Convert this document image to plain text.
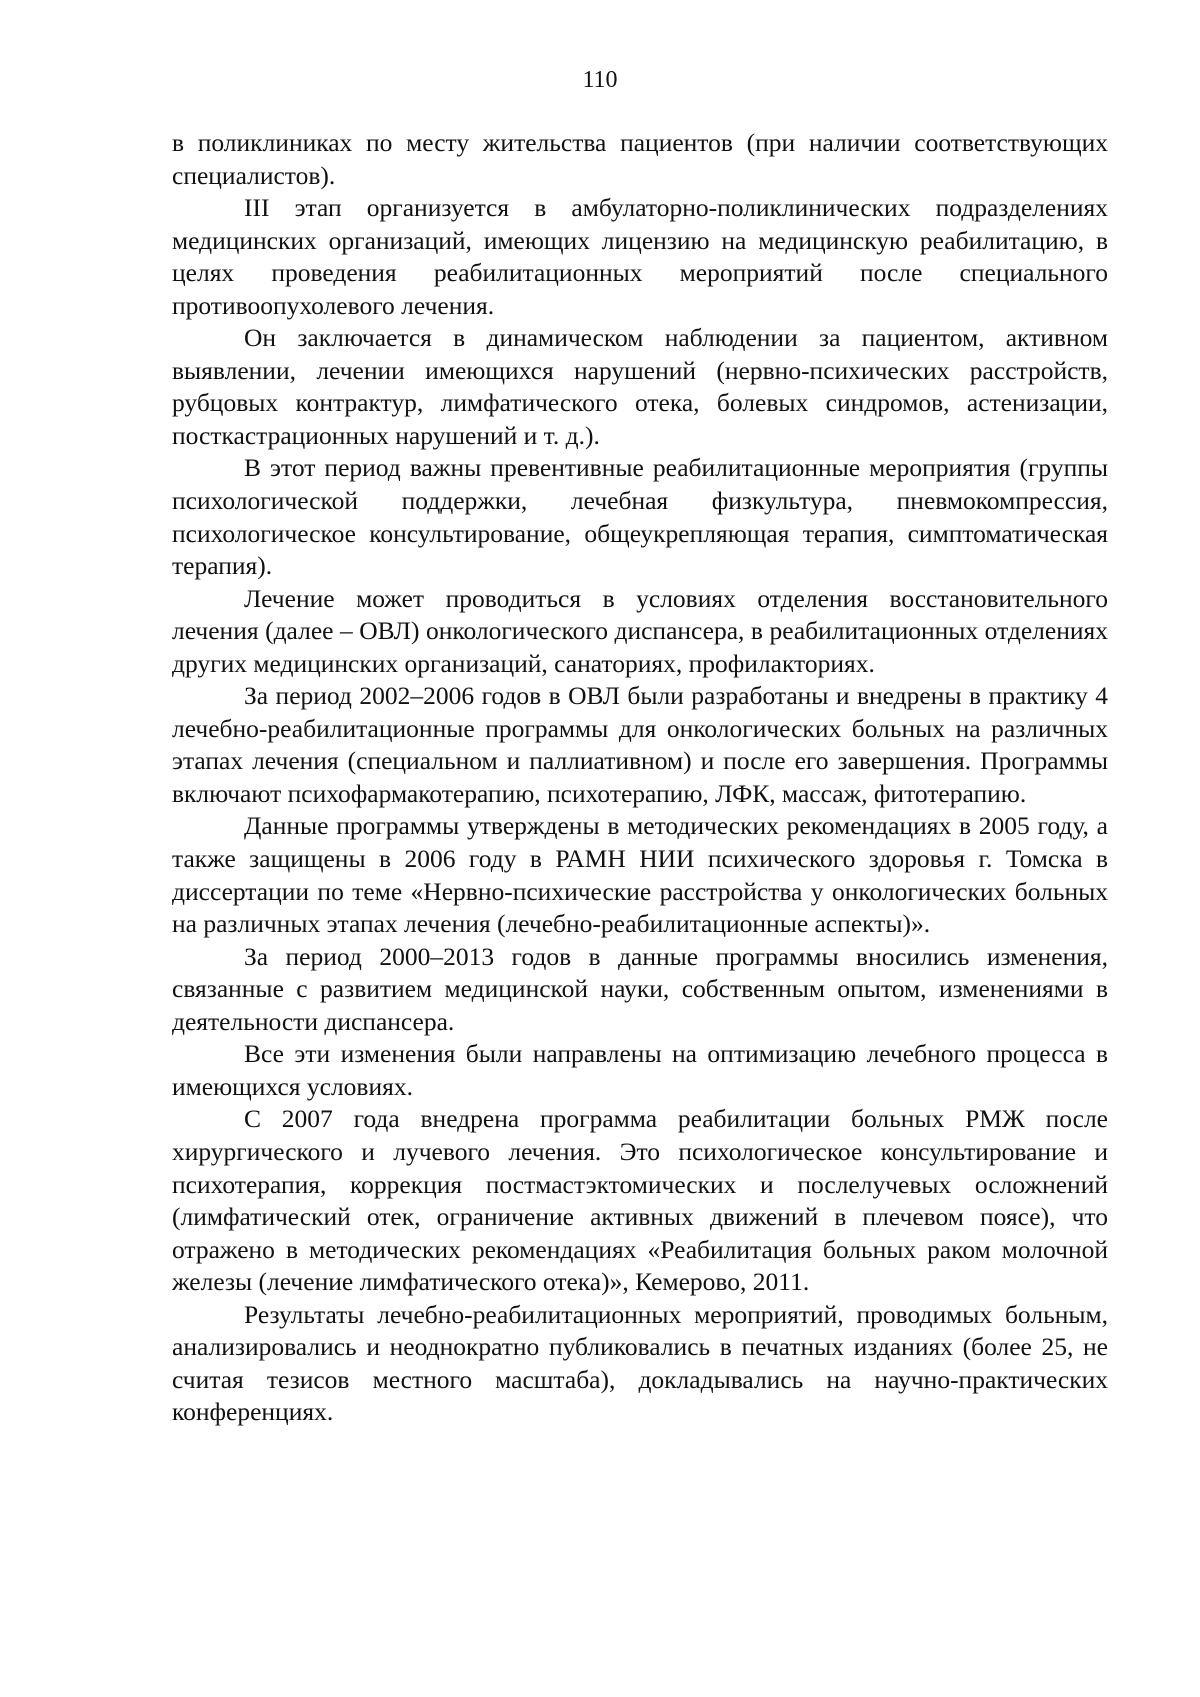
110

в поликлиниках по месту жительства пациентов (при наличии соответствующих специалистов).

III этап организуется в амбулаторно-поликлинических подразделениях медицинских организаций, имеющих лицензию на медицинскую реабилитацию, в целях проведения реабилитационных мероприятий после специального противоопухолевого лечения.

Он заключается в динамическом наблюдении за пациентом, активном выявлении, лечении имеющихся нарушений (нервно-психических расстройств, рубцовых контрактур, лимфатического отека, болевых синдромов, астенизации, посткастрационных нарушений и т. д.).

В этот период важны превентивные реабилитационные мероприятия (группы психологической поддержки, лечебная физкультура, пневмокомпрессия, психологическое консультирование, общеукрепляющая терапия, симптоматическая терапия).

Лечение может проводиться в условиях отделения восстановительного лечения (далее – ОВЛ) онкологического диспансера, в реабилитационных отделениях других медицинских организаций, санаториях, профилакториях.

За период 2002–2006 годов в ОВЛ были разработаны и внедрены в практику 4 лечебно-реабилитационные программы для онкологических больных на различных этапах лечения (специальном и паллиативном) и после его завершения. Программы включают психофармакотерапию, психотерапию, ЛФК, массаж, фитотерапию.

Данные программы утверждены в методических рекомендациях в 2005 году, а также защищены в 2006 году в РАМН НИИ психического здоровья г. Томска в диссертации по теме «Нервно-психические расстройства у онкологических больных на различных этапах лечения (лечебно-реабилитационные аспекты)».

За период 2000–2013 годов в данные программы вносились изменения, связанные с развитием медицинской науки, собственным опытом, изменениями в деятельности диспансера.

Все эти изменения были направлены на оптимизацию лечебного процесса в имеющихся условиях.

С 2007 года внедрена программа реабилитации больных РМЖ после хирургического и лучевого лечения. Это психологическое консультирование и психотерапия, коррекция постмастэктомических и послелучевых осложнений (лимфатический отек, ограничение активных движений в плечевом поясе), что отражено в методических рекомендациях «Реабилитация больных раком молочной железы (лечение лимфатического отека)», Кемерово, 2011.

Результаты лечебно-реабилитационных мероприятий, проводимых больным, анализировались и неоднократно публиковались в печатных изданиях (более 25, не считая тезисов местного масштаба), докладывались на научно-практических конференциях.
